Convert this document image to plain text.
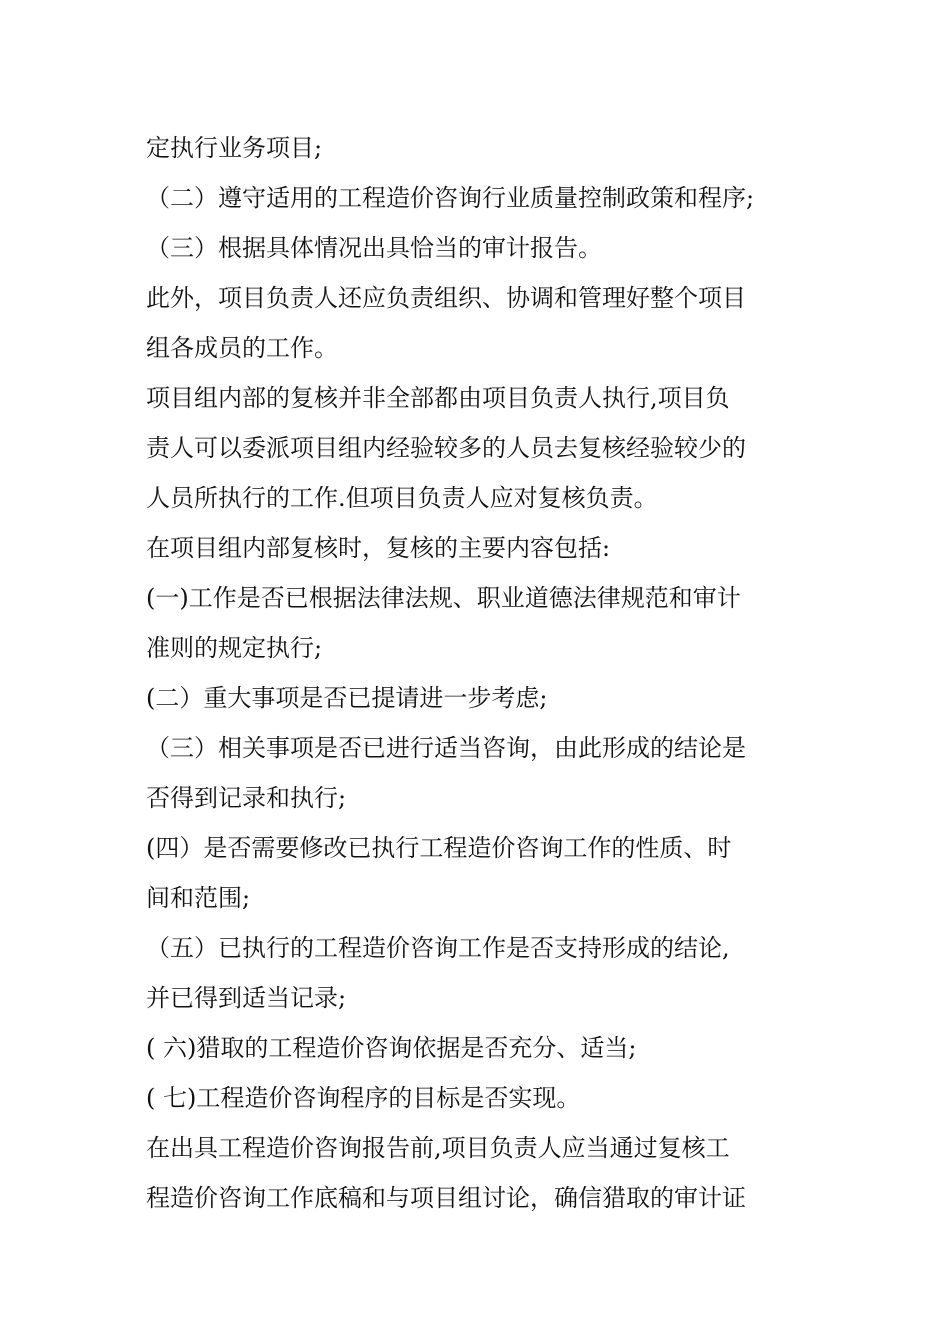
定执行业务项目;
（二）遵守适用的工程造价咨询行业质量控制政策和程序;
（三）根据具体情况出具恰当的审计报告。
此外，项目负责人还应负责组织、协调和管理好整个项目
组各成员的工作。
项目组内部的复核并非全部都由项目负责人执行,项目负
责人可以委派项目组内经验较多的人员去复核经验较少的
人员所执行的工作.但项目负责人应对复核负责。
在项目组内部复核时，复核的主要内容包括:
(一)工作是否已根据法律法规、职业道德法律规范和审计
准则的规定执行;
(二）重大事项是否已提请进一步考虑;
（三）相关事项是否已进行适当咨询，由此形成的结论是
否得到记录和执行;
(四）是否需要修改已执行工程造价咨询工作的性质、时
间和范围;
（五）已执行的工程造价咨询工作是否支持形成的结论,
并已得到适当记录;
( 六)猎取的工程造价咨询依据是否充分、适当;
( 七)工程造价咨询程序的目标是否实现。
在出具工程造价咨询报告前,项目负责人应当通过复核工
程造价咨询工作底稿和与项目组讨论，确信猎取的审计证
